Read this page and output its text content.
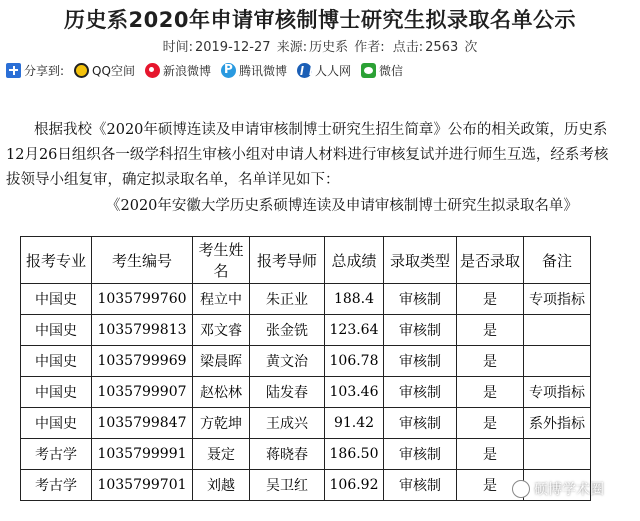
历史系2020年申请审核制博士研究生拟录取名单公示
时间: 2019-12-27 来源: 历史系 作者: 点击: 2563 次
分享到: QQ空间 新浪微博 P 腾讯微博 人人网 微信
根据我校《2020年硕博连读及申请审核制博士研究生招生简章》公布的相关政策，历史系
12月26日组织各一级学科招生审核小组对申请人材料进行审核复试并进行师生互选，经系考核
拔领导小组复审，确定拟录取名单，名单详见如下：
《2020年安徽大学历史系硕博连读及申请审核制博士研究生拟录取名单》
报考专业	考生编号	考生姓名	报考导师	总成绩	录取类型	是否录取	备注
中国史	1035799760	程立中	朱正业	188.4	审核制	是	专项指标
中国史	1035799813	邓文睿	张金铣	123.64	审核制	是	
中国史	1035799969	梁晨晖	黄文治	106.78	审核制	是	
中国史	1035799907	赵松林	陆发春	103.46	审核制	是	专项指标
中国史	1035799847	方乾坤	王成兴	91.42	审核制	是	系外指标
考古学	1035799991	聂定	蒋晓春	186.50	审核制	是	
考古学	1035799701	刘越	吴卫红	106.92	审核制	是		硕博学术圈
